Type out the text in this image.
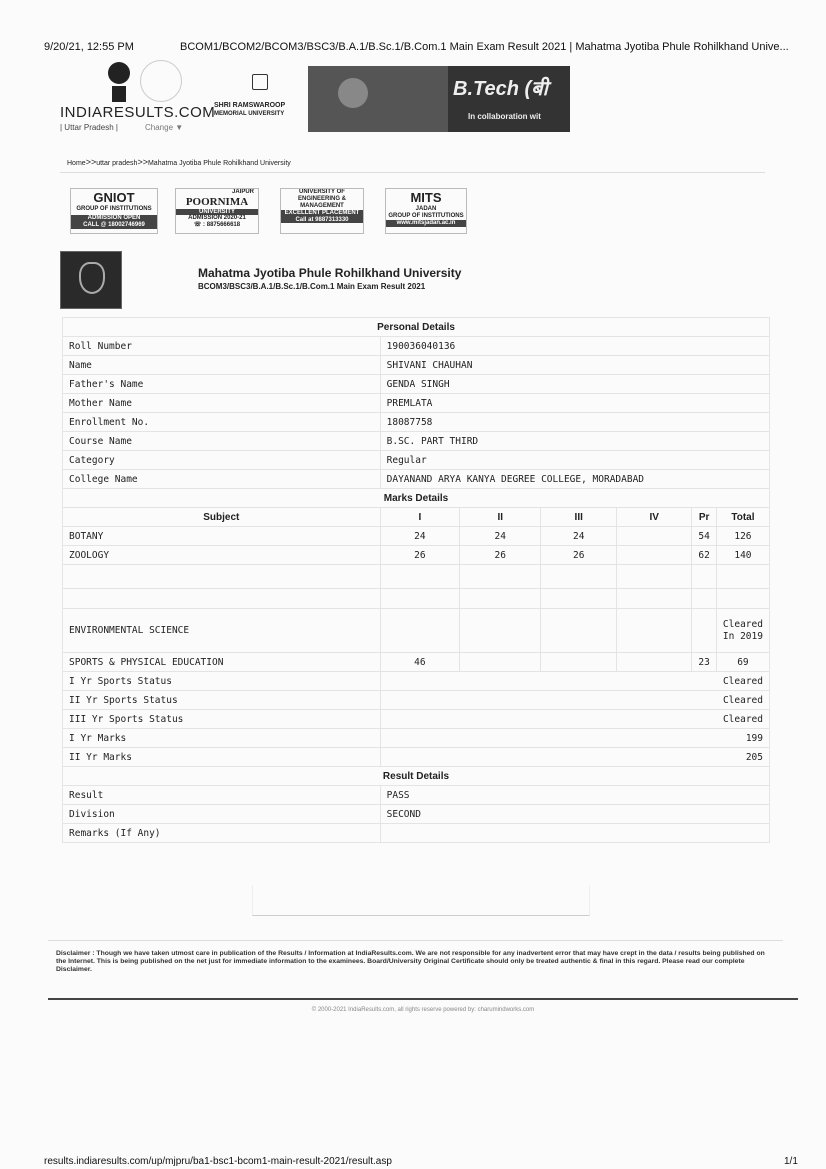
9/20/21, 12:55 PM	BCOM1/BCOM2/BCOM3/BSC3/B.A.1/B.Sc.1/B.Com.1 Main Exam Result 2021 | Mahatma Jyotiba Phule Rohilkhand Unive...
INDIARESULTS.COM
| Uttar Pradesh |	Change ▼
SHRI RAMSWAROOP
MEMORIAL UNIVERSITY
B.Tech (बी
In collaboration wit
Home>>uttar pradesh>>Mahatma Jyotiba Phule Rohilkhand University
GNIOT
GROUP OF INSTITUTIONS
ADMISSION OPEN
CALL @ 18002746969
JAIPUR
POORNIMA
UNIVERSITY
ADMISSION 2020-21
☏ : 8875666618
UNIVERSITY OF
ENGINEERING &
MANAGEMENT
EXCELLENT PLACEMENT
Call at 9887313330
MITS
JADAN
GROUP OF INSTITUTIONS
www.mitsjadan.ac.in
Mahatma Jyotiba Phule Rohilkhand University
BCOM3/BSC3/B.A.1/B.Sc.1/B.Com.1 Main Exam Result 2021
Personal Details						
Roll Number	190036040136					
Name	SHIVANI CHAUHAN					
Father's Name	GENDA SINGH					
Mother Name	PREMLATA					
Enrollment No.	18087758					
Course Name	B.SC. PART THIRD					
Category	Regular					
College Name	DAYANAND ARYA KANYA DEGREE COLLEGE, MORADABAD					
Marks Details						
Subject	I	II	III	IV	Pr	Total
BOTANY	24	24	24		54	126
ZOOLOGY	26	26	26		62	140

ENVIRONMENTAL SCIENCE						Cleared In 2019
SPORTS & PHYSICAL EDUCATION	46				23	69
I Yr Sports Status	Cleared					
II Yr Sports Status	Cleared					
III Yr Sports Status	Cleared					
I Yr Marks	199					
II Yr Marks	205					
Result Details						
Result	PASS					
Division	SECOND					
Remarks (If Any)						
Disclaimer : Though we have taken utmost care in publication of the Results / Information at IndiaResults.com. We are not responsible for any inadvertent error that may have crept in the data / results being published on the Internet. This is being published on the net just for immediate information to the examinees. Board/University Original Certificate should only be treated authentic & final in this regard. Please read our complete Disclaimer.
© 2000-2021 IndiaResults.com, all rights reserve powered by: charumindworks.com
results.indiaresults.com/up/mjpru/ba1-bsc1-bcom1-main-result-2021/result.asp	1/1
